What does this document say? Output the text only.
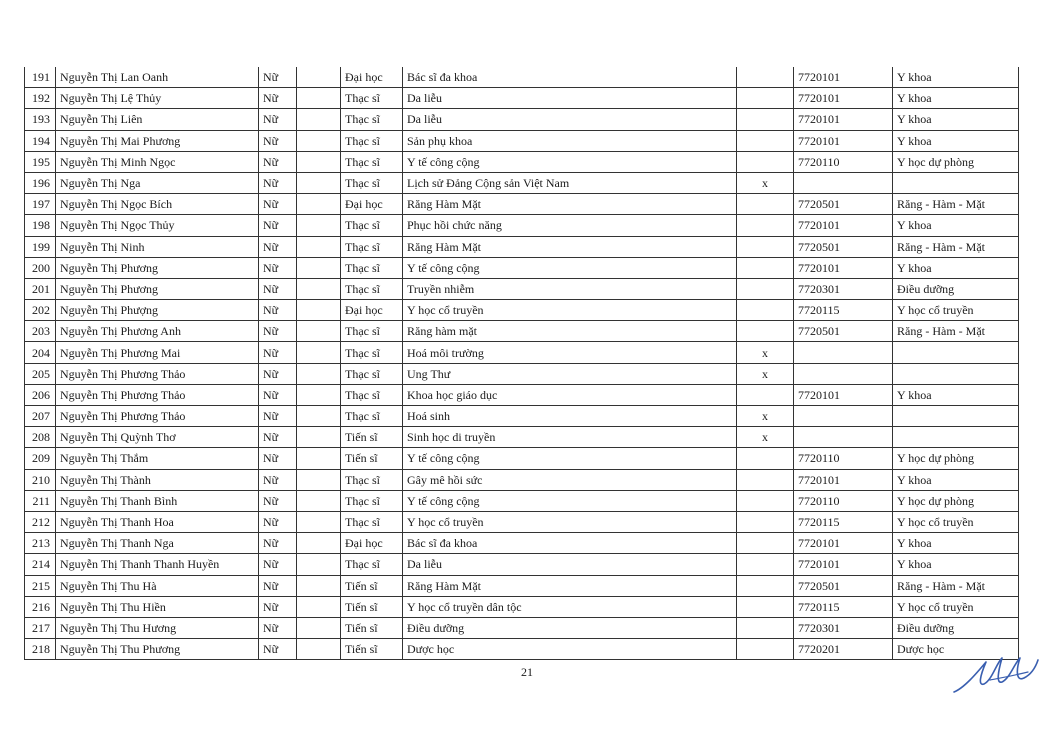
191	Nguyễn Thị Lan Oanh	Nữ		Đại học	Bác sĩ đa khoa		7720101	Y khoa
192	Nguyễn Thị Lệ Thủy	Nữ		Thạc sĩ	Da liễu		7720101	Y khoa
193	Nguyễn Thị Liên	Nữ		Thạc sĩ	Da liễu		7720101	Y khoa
194	Nguyễn Thị Mai Phương	Nữ		Thạc sĩ	Sản phụ khoa		7720101	Y khoa
195	Nguyễn Thị Minh Ngọc	Nữ		Thạc sĩ	Y tế công cộng		7720110	Y học dự phòng
196	Nguyễn Thị Nga	Nữ		Thạc sĩ	Lịch sử Đảng Cộng sản Việt Nam	x		
197	Nguyễn Thị Ngọc Bích	Nữ		Đại học	Răng Hàm Mặt		7720501	Răng - Hàm - Mặt
198	Nguyễn Thị Ngọc Thủy	Nữ		Thạc sĩ	Phục hồi chức năng		7720101	Y khoa
199	Nguyễn Thị Ninh	Nữ		Thạc sĩ	Răng Hàm Mặt		7720501	Răng - Hàm - Mặt
200	Nguyễn Thị Phương	Nữ		Thạc sĩ	Y tế công cộng		7720101	Y khoa
201	Nguyễn Thị Phương	Nữ		Thạc sĩ	Truyền nhiễm		7720301	Điều dưỡng
202	Nguyễn Thị Phượng	Nữ		Đại học	Y học cổ truyền		7720115	Y học cổ truyền
203	Nguyễn Thị Phương Anh	Nữ		Thạc sĩ	Răng hàm mặt		7720501	Răng - Hàm - Mặt
204	Nguyễn Thị Phương Mai	Nữ		Thạc sĩ	Hoá môi trường	x		
205	Nguyễn Thị Phương Thảo	Nữ		Thạc sĩ	Ung Thư	x		
206	Nguyễn Thị Phương Thảo	Nữ		Thạc sĩ	Khoa học giáo dục		7720101	Y khoa
207	Nguyễn Thị Phương Thảo	Nữ		Thạc sĩ	Hoá sinh	x		
208	Nguyễn Thị Quỳnh Thơ	Nữ		Tiến sĩ	Sinh học di truyền	x		
209	Nguyễn Thị Thắm	Nữ		Tiến sĩ	Y tế công cộng		7720110	Y học dự phòng
210	Nguyễn Thị Thành	Nữ		Thạc sĩ	Gây mê hồi sức		7720101	Y khoa
211	Nguyễn Thị Thanh Bình	Nữ		Thạc sĩ	Y tế công cộng		7720110	Y học dự phòng
212	Nguyễn Thị Thanh Hoa	Nữ		Thạc sĩ	Y học cổ truyền		7720115	Y học cổ truyền
213	Nguyễn Thị Thanh Nga	Nữ		Đại học	Bác sĩ đa khoa		7720101	Y khoa
214	Nguyễn Thị Thanh Thanh Huyền	Nữ		Thạc sĩ	Da liễu		7720101	Y khoa
215	Nguyễn Thị Thu Hà	Nữ		Tiến sĩ	Răng Hàm Mặt		7720501	Răng - Hàm - Mặt
216	Nguyễn Thị Thu Hiền	Nữ		Tiến sĩ	Y học cổ truyền dân tộc		7720115	Y học cổ truyền
217	Nguyễn Thị Thu Hương	Nữ		Tiến sĩ	Điều dưỡng		7720301	Điều dưỡng
218	Nguyễn Thị Thu Phương	Nữ		Tiến sĩ	Dược học		7720201	Dược học
21
